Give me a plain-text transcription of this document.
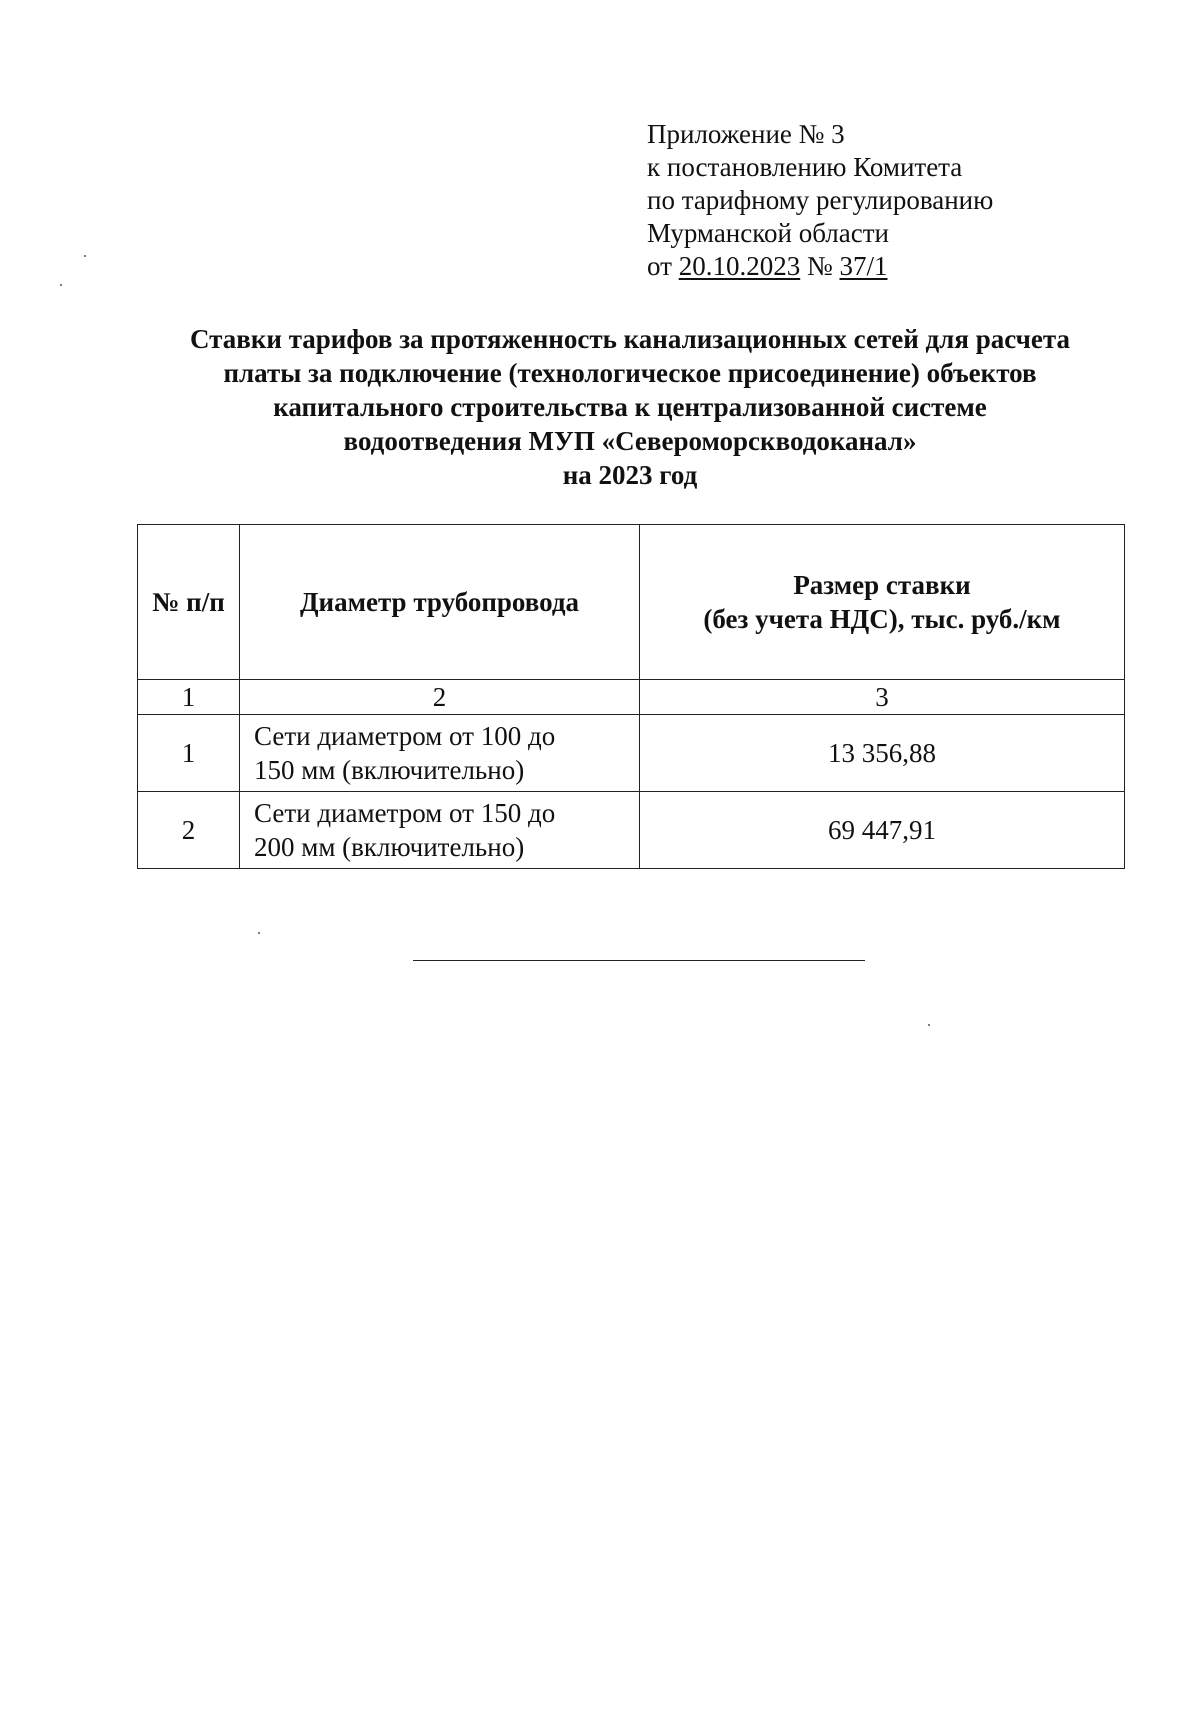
Приложение № 3
к постановлению Комитета
по тарифному регулированию
Мурманской области
от 20.10.2023 № 37/1
Ставки тарифов за протяженность канализационных сетей для расчета
платы за подключение (технологическое присоединение) объектов
капитального строительства к централизованной системе
водоотведения МУП «Североморскводоканал»
на 2023 год
№ п/п	Диаметр трубопровода	Размер ставки
(без учета НДС), тыс. руб./км

1	2	3
1	Сети диаметром от 100 до
150 мм (включительно)	13 356,88
2	Сети диаметром от 150 до
200 мм (включительно)	69 447,91
